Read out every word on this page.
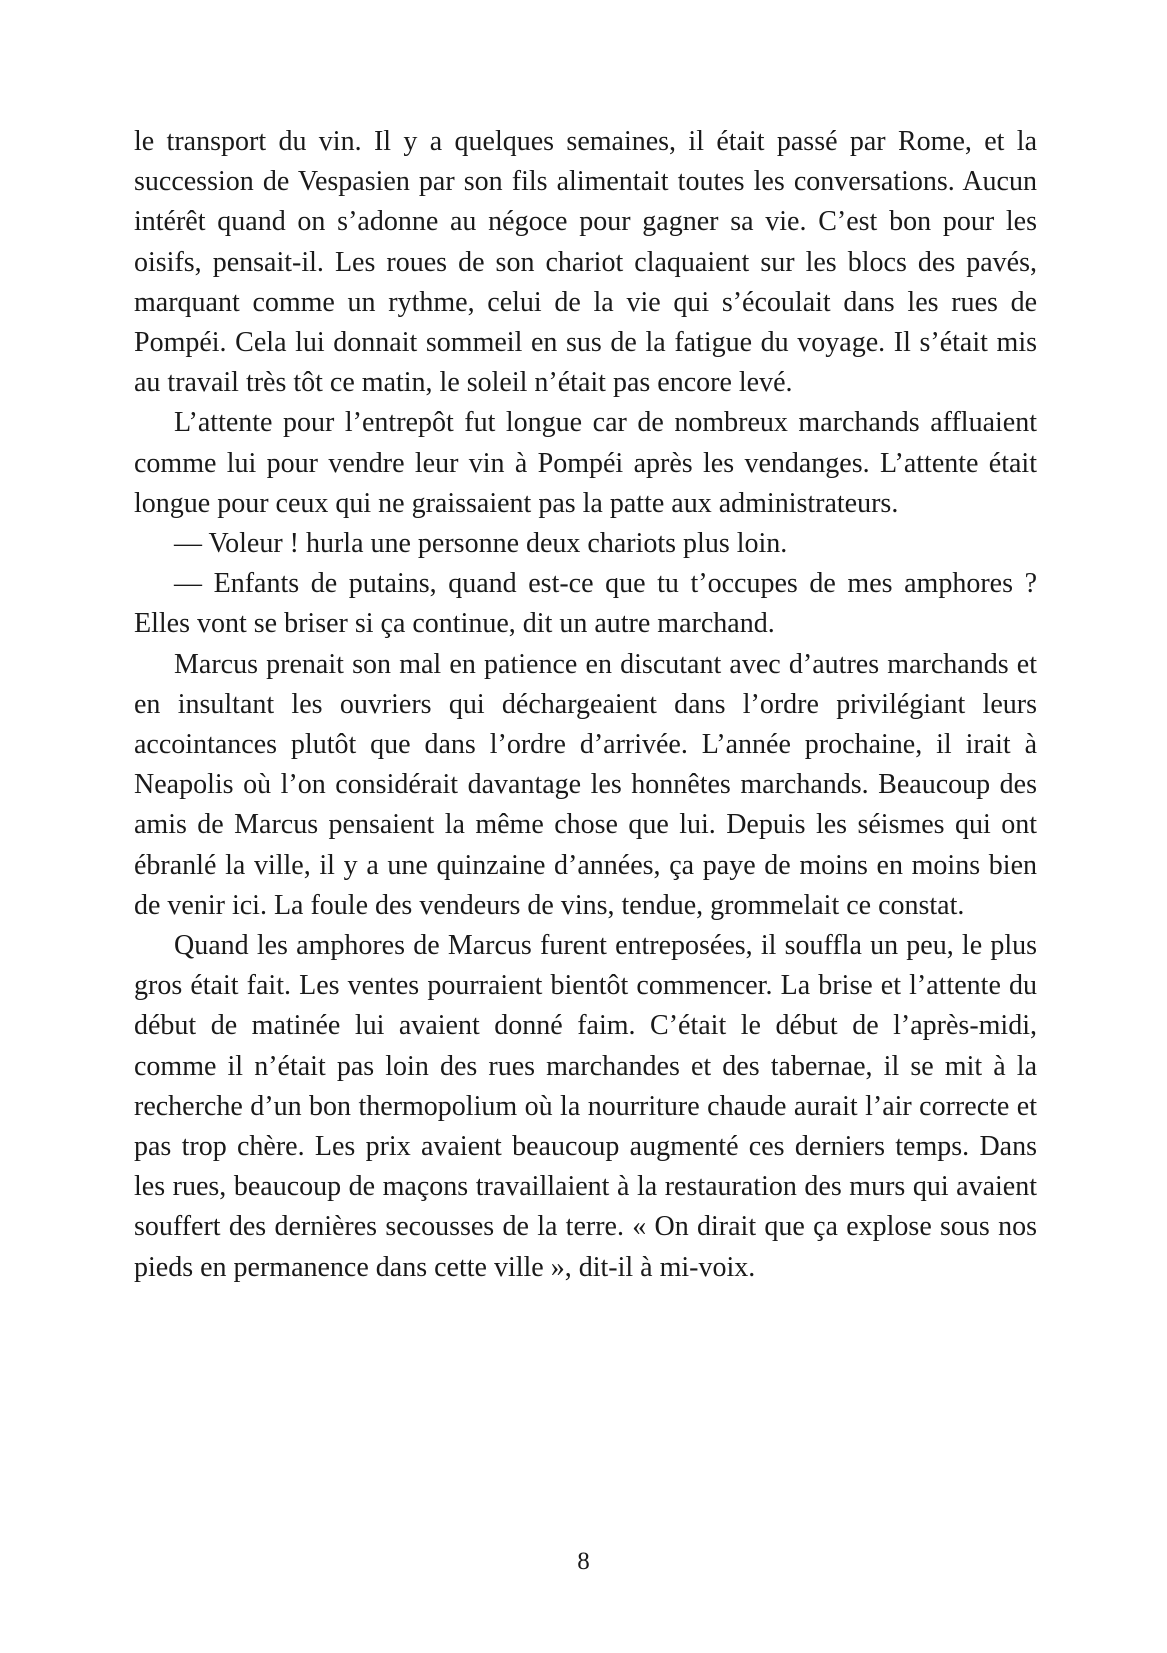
le transport du vin. Il y a quelques semaines, il était passé par Rome, et la succession de Vespasien par son fils alimentait toutes les conversations. Aucun intérêt quand on s’adonne au négoce pour gagner sa vie. C’est bon pour les oisifs, pensait-il. Les roues de son chariot claquaient sur les blocs des pavés, marquant comme un rythme, celui de la vie qui s’écoulait dans les rues de Pompéi. Cela lui donnait sommeil en sus de la fatigue du voyage. Il s’était mis au travail très tôt ce matin, le soleil n’était pas encore levé.

L’attente pour l’entrepôt fut longue car de nombreux marchands affluaient comme lui pour vendre leur vin à Pompéi après les vendanges. L’attente était longue pour ceux qui ne graissaient pas la patte aux administrateurs.

— Voleur ! hurla une personne deux chariots plus loin.

— Enfants de putains, quand est-ce que tu t’occupes de mes amphores ? Elles vont se briser si ça continue, dit un autre marchand.

Marcus prenait son mal en patience en discutant avec d’autres marchands et en insultant les ouvriers qui déchargeaient dans l’ordre privilégiant leurs accointances plutôt que dans l’ordre d’arrivée. L’année prochaine, il irait à Neapolis où l’on considérait davantage les honnêtes marchands. Beaucoup des amis de Marcus pensaient la même chose que lui. Depuis les séismes qui ont ébranlé la ville, il y a une quinzaine d’années, ça paye de moins en moins bien de venir ici. La foule des vendeurs de vins, tendue, grommelait ce constat.

Quand les amphores de Marcus furent entreposées, il souffla un peu, le plus gros était fait. Les ventes pourraient bientôt commencer. La brise et l’attente du début de matinée lui avaient donné faim. C’était le début de l’après-midi, comme il n’était pas loin des rues marchandes et des tabernae, il se mit à la recherche d’un bon thermopolium où la nourriture chaude aurait l’air correcte et pas trop chère. Les prix avaient beaucoup augmenté ces derniers temps. Dans les rues, beaucoup de maçons travaillaient à la restauration des murs qui avaient souffert des dernières secousses de la terre. « On dirait que ça explose sous nos pieds en permanence dans cette ville », dit-il à mi-voix.

8
